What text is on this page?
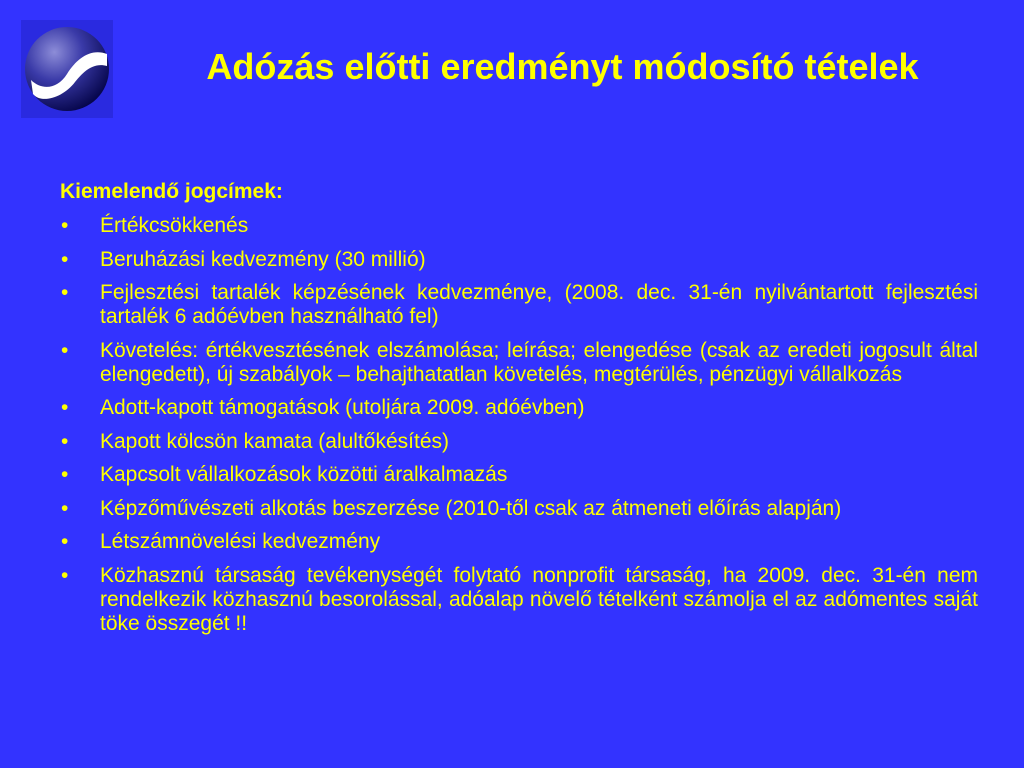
Adózás előtti eredményt módosító tételek
Kiemelendő jogcímek:
• Értékcsökkenés
• Beruházási kedvezmény (30 millió)
• Fejlesztési tartalék képzésének kedvezménye, (2008. dec. 31-én nyilvántartott fejlesztési tartalék 6 adóévben használható fel)
• Követelés: értékvesztésének elszámolása; leírása; elengedése (csak az eredeti jogosult által elengedett), új szabályok – behajthatatlan követelés, megtérülés, pénzügyi vállalkozás
• Adott-kapott támogatások (utoljára 2009. adóévben)
• Kapott kölcsön kamata (alultőkésítés)
• Kapcsolt vállalkozások közötti áralkalmazás
• Képzőművészeti alkotás beszerzése (2010-től csak az átmeneti előírás alapján)
• Létszámnövelési kedvezmény
• Közhasznú társaság tevékenységét folytató nonprofit társaság, ha 2009. dec. 31-én nem rendelkezik közhasznú besorolással, adóalap növelő tételként számolja el az adómentes saját töke összegét !!
